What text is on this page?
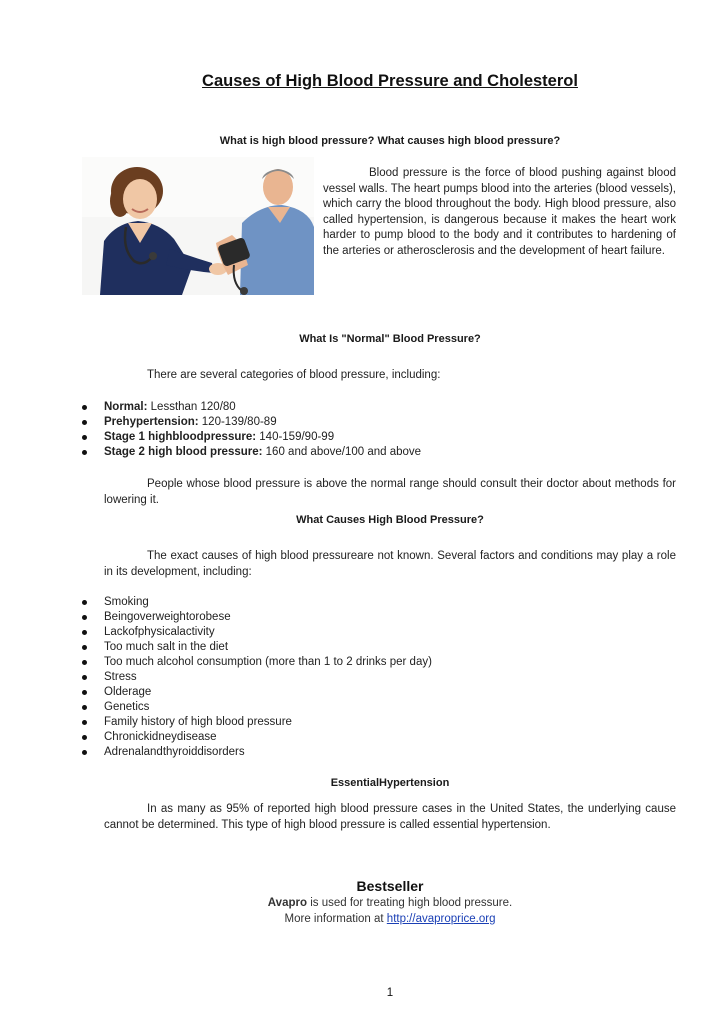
Causes of High Blood Pressure and Cholesterol
What is high blood pressure? What causes high blood pressure?
Blood pressure is the force of blood pushing against blood vessel walls. The heart pumps blood into the arteries (blood vessels), which carry the blood throughout the body. High blood pressure, also called hypertension, is dangerous because it makes the heart work harder to pump blood to the body and it contributes to hardening of the arteries or atherosclerosis and the development of heart failure.
What Is "Normal" Blood Pressure?
There are several categories of blood pressure, including:
Normal: Lessthan 120/80
Prehypertension: 120-139/80-89
Stage 1 highbloodpressure: 140-159/90-99
Stage 2 high blood pressure: 160 and above/100 and above
People whose blood pressure is above the normal range should consult their doctor about methods for lowering it.
What Causes High Blood Pressure?
The exact causes of high blood pressureare not known. Several factors and conditions may play a role in its development, including:
Smoking
Beingoverweightorobese
Lackofphysicalactivity
Too much salt in the diet
Too much alcohol consumption (more than 1 to 2 drinks per day)
Stress
Olderage
Genetics
Family history of high blood pressure
Chronickidneydisease
Adrenalandthyroiddisorders
EssentialHypertension
In as many as 95% of reported high blood pressure cases in the United States, the underlying cause cannot be determined. This type of high blood pressure is called essential hypertension.
Bestseller
Avapro is used for treating high blood pressure.
More information at http://avaproprice.org
1
